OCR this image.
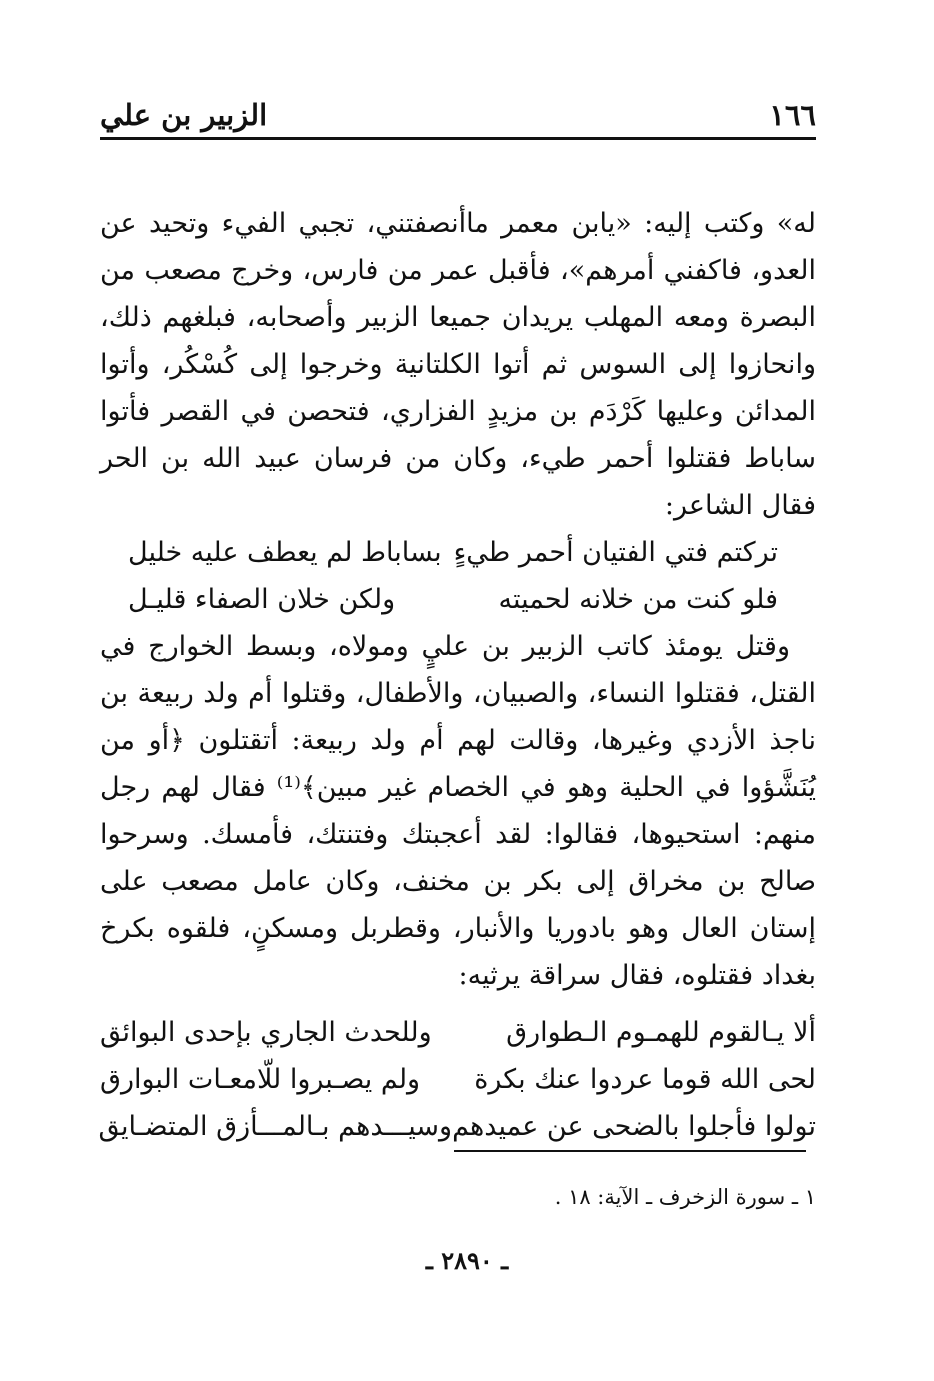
١٦٦
الزبير بن علي

له» وكتب إليه: «يابن معمر ماأنصفتني، تجبي الفيء وتحيد عن العدو، فاكفني أمرهم»، فأقبل عمر من فارس، وخرج مصعب من البصرة ومعه المهلب يريدان جميعا الزبير وأصحابه، فبلغهم ذلك، وانحازوا إلى السوس ثم أتوا الكلتانية وخرجوا إلى كُسْكُر، وأتوا المدائن وعليها كَرْدَم بن مزيدٍ الفزاري، فتحصن في القصر فأتوا ساباط فقتلوا أحمر طيء، وكان من فرسان عبيد الله بن الحر فقال الشاعر:

تركتم فتي الفتيان أحمر طيءٍ
بساباط لم يعطف عليه خليل
فلو كنت من خلانه لحميته
ولكن خلان الصفاء قليـل

وقتل يومئذ كاتب الزبير بن عليٍ ومولاه، وبسط الخوارج في القتل، فقتلوا النساء، والصبيان، والأطفال، وقتلوا أم ولد ربيعة بن ناجذ الأزدي وغيرها، وقالت لهم أم ولد ربيعة: أتقتلون ﴿أو من يُنَشَّؤوا في الحلية وهو في الخصام غير مبين﴾⁽¹⁾ فقال لهم رجل منهم: استحيوها، فقالوا: لقد أعجبتك وفتنتك، فأمسك. وسرحوا صالح بن مخراق إلى بكر بن مخنف، وكان عامل مصعب على إستان العال وهو بادوريا والأنبار، وقطربل ومسكنٍ، فلقوه بكرخ بغداد فقتلوه، فقال سراقة يرثيه:

ألا يـالقوم للهمـوم الـطوارق
وللحدث الجاري بإحدى البوائق
لحى الله قوما عردوا عنك بكرة
ولم يصـبروا للّامعـات البوارق
تولوا فأجلوا بالضحى عن عميدهم
وسيـــدهم بـالمـــأزق المتضـايق
١ ـ سورة الزخرف ـ الآية: ١٨ .
ـ ٢٨٩٠ ـ
